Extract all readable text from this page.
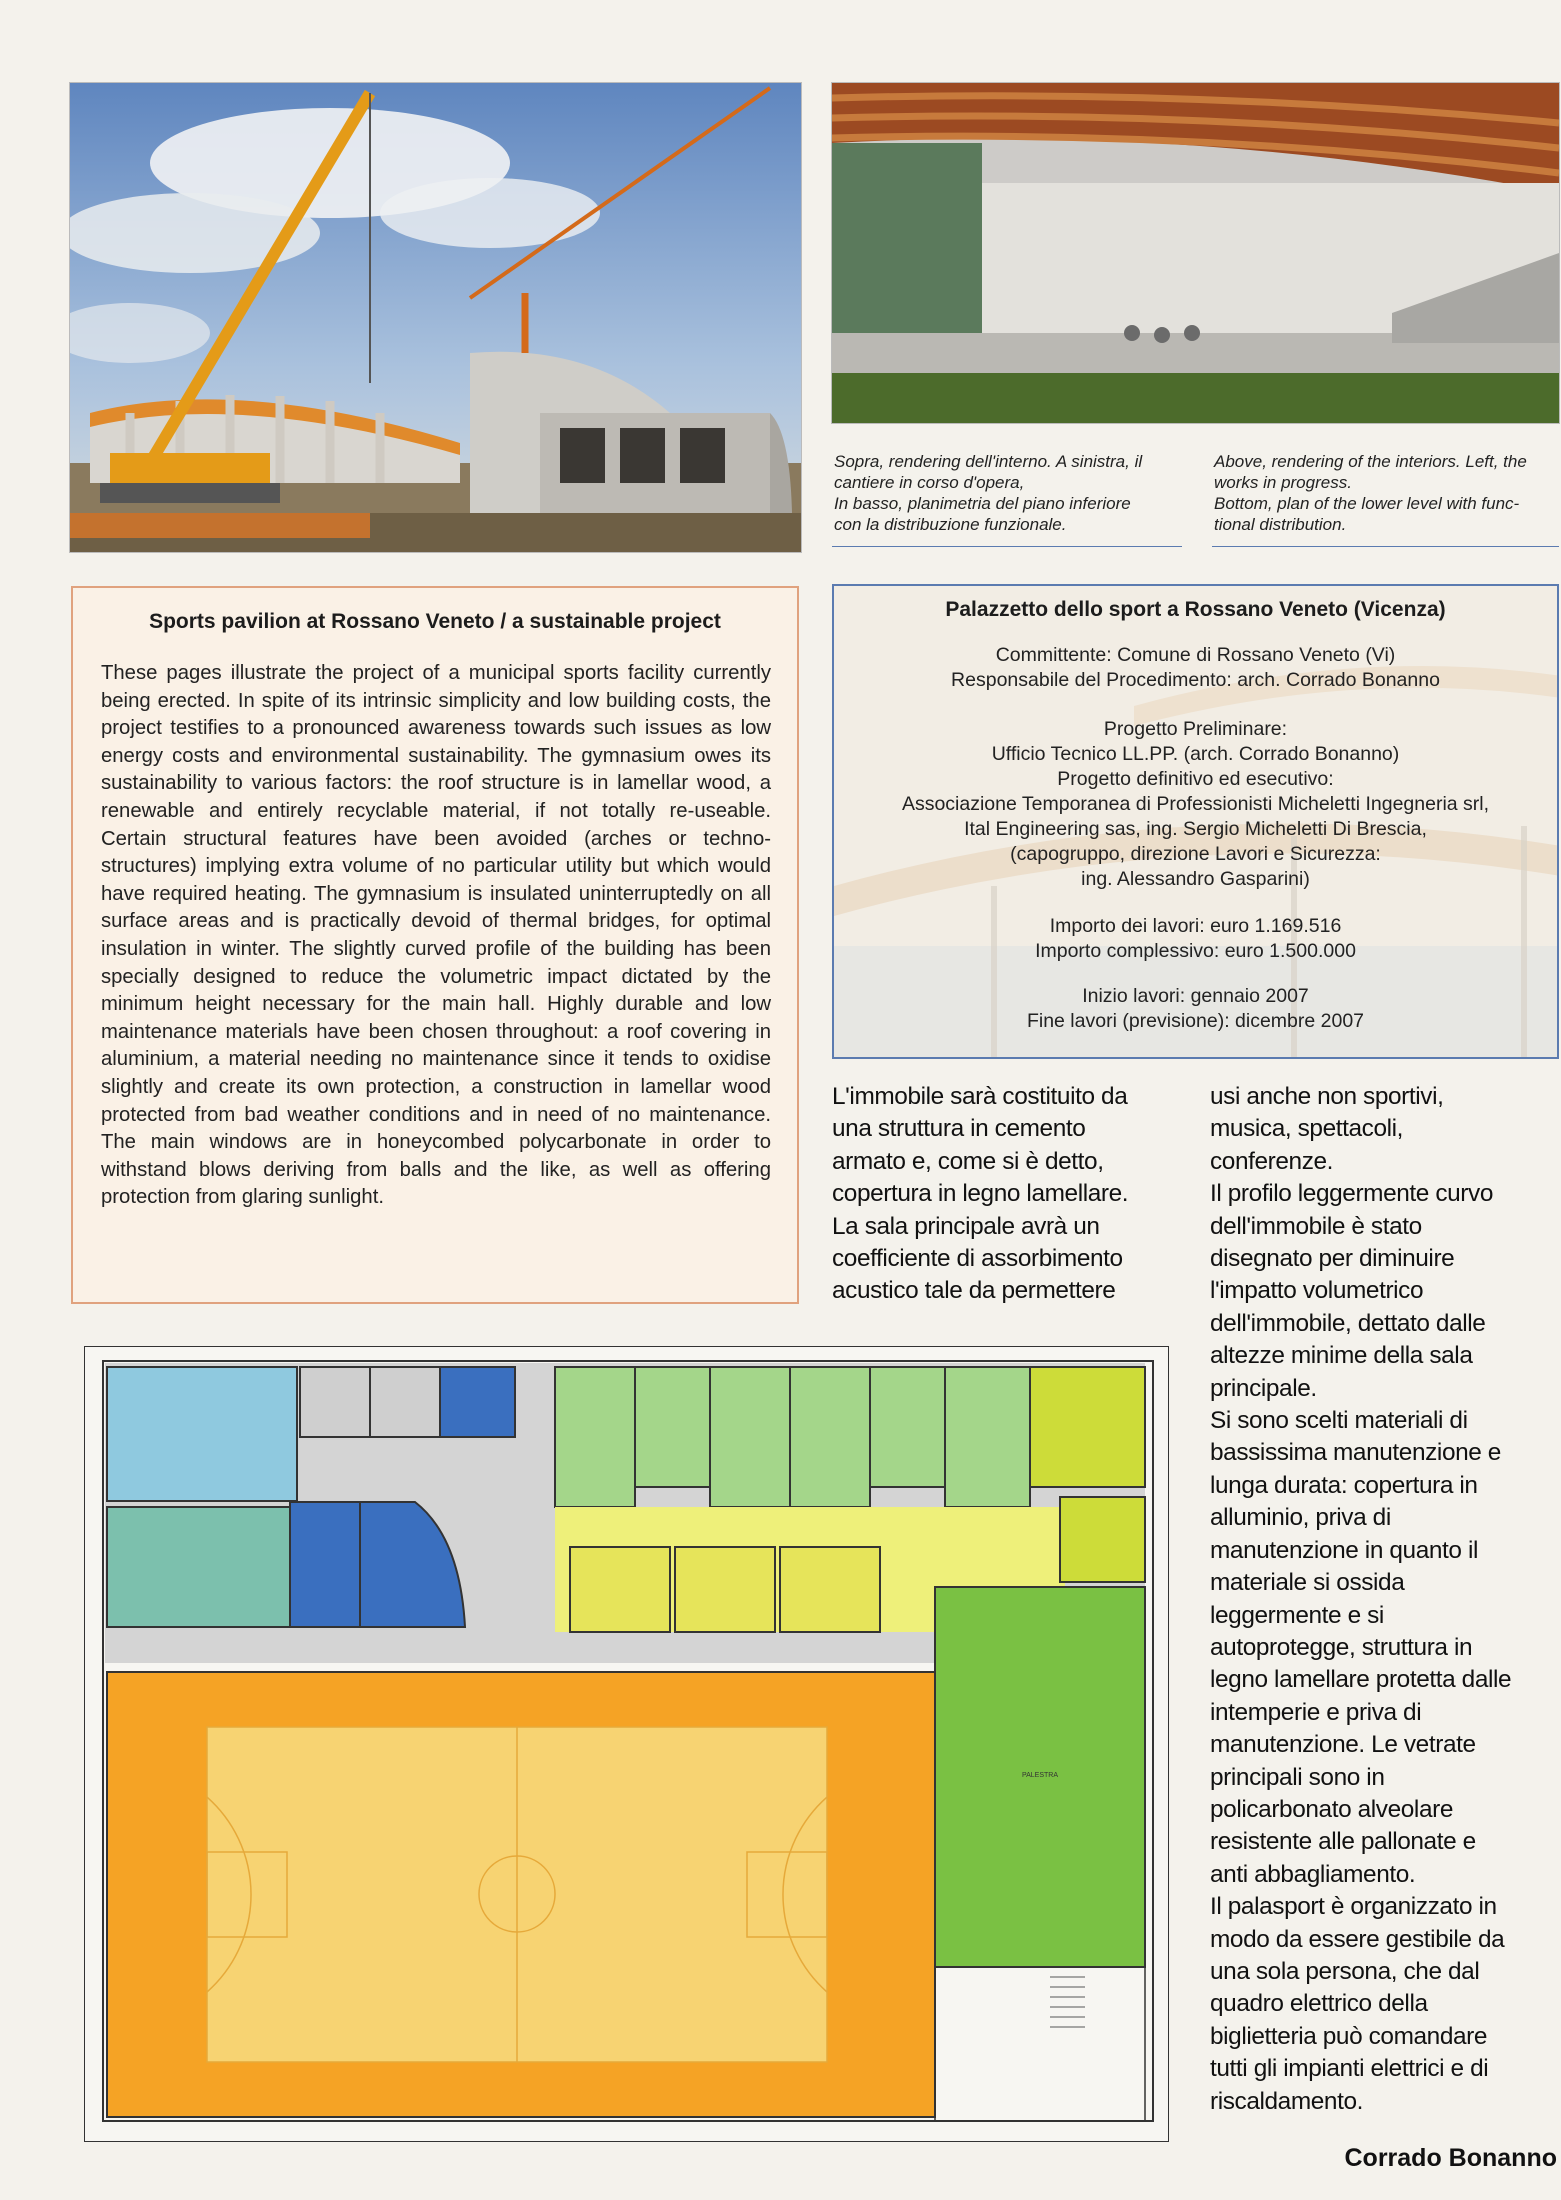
Sopra, rendering dell'interno. A sinistra, il
cantiere in corso d'opera,
In basso, planimetria del piano inferiore
con la distribuzione funzionale.
Above, rendering of the interiors. Left, the
works in progress.
Bottom, plan of the lower level with func-
tional distribution.
Sports pavilion at Rossano Veneto / a sustainable project

These pages illustrate the project of a municipal sports facility currently being erected. In spite of its intrinsic simplicity and low building costs, the project testifies to a pronounced awareness towards such issues as low energy costs and environmental sustainability. The gymnasium owes its sustainability to various factors: the roof structure is in lamellar wood, a renewable and entirely recyclable material, if not totally re-useable. Certain structural features have been avoided (arches or techno-structures) implying extra volume of no particular utility but which would have required heating. The gymnasium is insulated uninterruptedly on all surface areas and is practically devoid of thermal bridges, for optimal insulation in winter. The slightly curved profile of the building has been specially designed to reduce the volumetric impact dictated by the minimum height necessary for the main hall. Highly durable and low maintenance materials have been chosen throughout: a roof covering in aluminium, a material needing no maintenance since it tends to oxidise slightly and create its own protection, a construction in lamellar wood protected from bad weather conditions and in need of no maintenance. The main windows are in honeycombed polycarbonate in order to withstand blows deriving from balls and the like, as well as offering protection from glaring sunlight.

Palazzetto dello sport a Rossano Veneto (Vicenza)
Committente: Comune di Rossano Veneto (Vi)
Responsabile del Procedimento: arch. Corrado Bonanno
Progetto Preliminare:
Ufficio Tecnico LL.PP. (arch. Corrado Bonanno)
Progetto definitivo ed esecutivo:
Associazione Temporanea di Professionisti Micheletti Ingegneria srl,
Ital Engineering sas, ing. Sergio Micheletti Di Brescia,
(capogruppo, direzione Lavori e Sicurezza:
ing. Alessandro Gasparini)
Importo dei lavori: euro 1.169.516
Importo complessivo: euro 1.500.000
Inizio lavori: gennaio 2007
Fine lavori (previsione): dicembre 2007
L'immobile sarà costituito da
una struttura in cemento
armato e, come si è detto,
copertura in legno lamellare.
La sala principale avrà un
coefficiente di assorbimento
acustico tale da permettere
usi anche non sportivi,
musica, spettacoli,
conferenze.
Il profilo leggermente curvo
dell'immobile è stato
disegnato per diminuire
l'impatto volumetrico
dell'immobile, dettato dalle
altezze minime della sala
principale.
Si sono scelti materiali di
bassissima manutenzione e
lunga durata: copertura in
alluminio, priva di
manutenzione in quanto il
materiale si ossida
leggermente e si
autoprotegge, struttura in
legno lamellare protetta dalle
intemperie e priva di
manutenzione. Le vetrate
principali sono in
policarbonato alveolare
resistente alle pallonate e
anti abbagliamento.
Il palasport è organizzato in
modo da essere gestibile da
una sola persona, che dal
quadro elettrico della
biglietteria può comandare
tutti gli impianti elettrici e di
riscaldamento.
PALESTRA
Corrado Bonanno
